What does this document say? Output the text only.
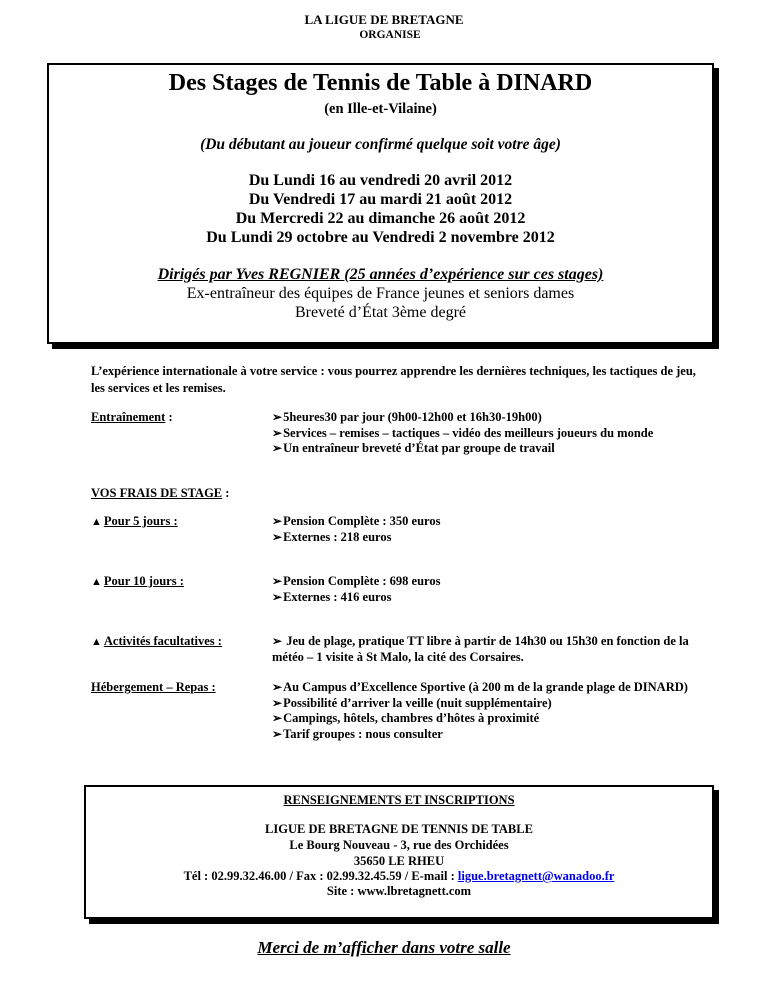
LA LIGUE DE BRETAGNE
ORGANISE
Des Stages de Tennis de Table à DINARD
(en Ille-et-Vilaine)
(Du débutant au joueur confirmé quelque soit votre âge)
Du Lundi 16 au vendredi 20 avril 2012
Du Vendredi 17 au mardi 21 août 2012
Du Mercredi 22 au dimanche 26 août 2012
Du Lundi 29 octobre au Vendredi 2 novembre 2012
Dirigés par Yves REGNIER (25 années d’expérience sur ces stages)
Ex-entraîneur des équipes de France jeunes et seniors dames
Breveté d’État 3ème degré
L’expérience internationale à votre service : vous pourrez apprendre les dernières techniques, les tactiques de jeu, les services et les remises.
Entraînement :	➢5heures30 par jour (9h00-12h00 et 16h30-19h00)
➢Services – remises – tactiques – vidéo des meilleurs joueurs du monde
➢Un entraîneur breveté d’État par groupe de travail
VOS FRAIS DE STAGE :
▲ Pour 5 jours :	➢Pension Complète : 350 euros
➢Externes : 218 euros
▲ Pour 10 jours :	➢Pension Complète : 698 euros
➢Externes : 416 euros
▲ Activités facultatives :	➢ Jeu de plage, pratique TT libre à partir de 14h30 ou 15h30 en fonction de la météo – 1 visite à St Malo, la cité des Corsaires.
Hébergement – Repas :	➢Au Campus d’Excellence Sportive (à 200 m de la grande plage de DINARD)
➢Possibilité d’arriver la veille (nuit supplémentaire)
➢Campings, hôtels, chambres d’hôtes à proximité
➢Tarif groupes : nous consulter
RENSEIGNEMENTS ET INSCRIPTIONS
LIGUE DE BRETAGNE DE TENNIS DE TABLE
Le Bourg Nouveau - 3, rue des Orchidées
35650 LE RHEU
Tél : 02.99.32.46.00 / Fax : 02.99.32.45.59 / E-mail : ligue.bretagnett@wanadoo.fr
Site : www.lbretagnett.com
Merci de m’afficher dans votre salle
